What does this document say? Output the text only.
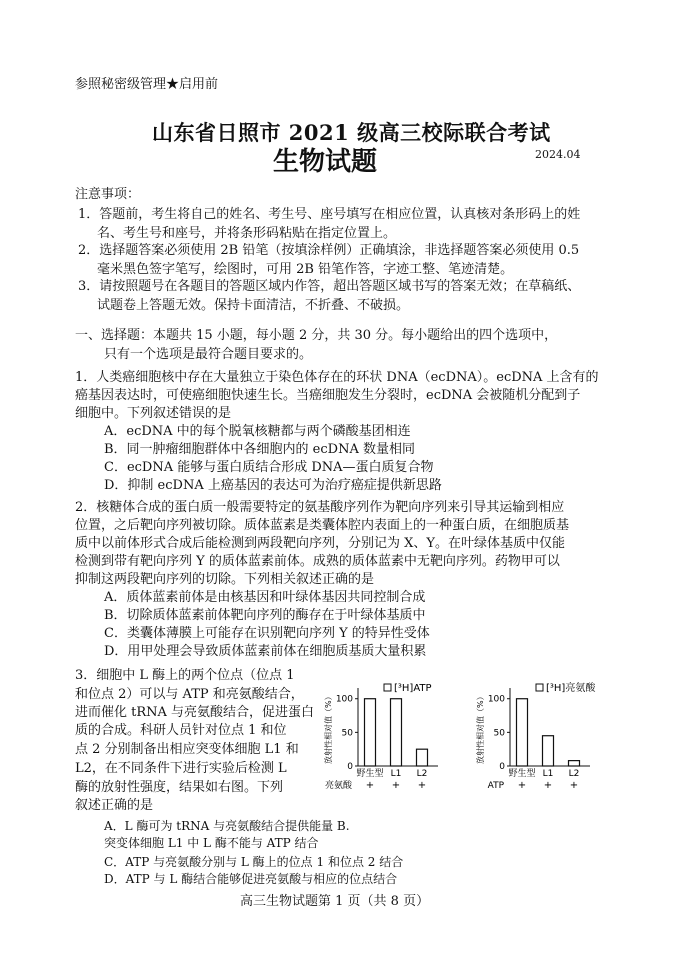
参照秘密级管理★启用前
山东省日照市 2021 级高三校际联合考试
生物试题	2024.04
注意事项：
1．答题前，考生将自己的姓名、考生号、座号填写在相应位置，认真核对条形码上的姓
名、考生号和座号，并将条形码粘贴在指定位置上。
2．选择题答案必须使用 2B 铅笔（按填涂样例）正确填涂，非选择题答案必须使用 0.5
毫米黑色签字笔写，绘图时，可用 2B 铅笔作答，字迹工整、笔迹清楚。
3．请按照题号在各题目的答题区域内作答，超出答题区域书写的答案无效；在草稿纸、
试题卷上答题无效。保持卡面清洁，不折叠、不破损。
一、选择题：本题共 15 小题，每小题 2 分，共 30 分。每小题给出的四个选项中，
只有一个选项是最符合题目要求的。
1．人类癌细胞核中存在大量独立于染色体存在的环状 DNA（ecDNA）。ecDNA 上含有的
癌基因表达时，可使癌细胞快速生长。当癌细胞发生分裂时，ecDNA 会被随机分配到子
细胞中。下列叙述错误的是
A．ecDNA 中的每个脱氧核糖都与两个磷酸基团相连
B．同一肿瘤细胞群体中各细胞内的 ecDNA 数量相同
C．ecDNA 能够与蛋白质结合形成 DNA—蛋白质复合物
D．抑制 ecDNA 上癌基因的表达可为治疗癌症提供新思路
2．核糖体合成的蛋白质一般需要特定的氨基酸序列作为靶向序列来引导其运输到相应
位置，之后靶向序列被切除。质体蓝素是类囊体腔内表面上的一种蛋白质，在细胞质基
质中以前体形式合成后能检测到两段靶向序列，分别记为 X、Y。在叶绿体基质中仅能
检测到带有靶向序列 Y 的质体蓝素前体。成熟的质体蓝素中无靶向序列。药物甲可以
抑制这两段靶向序列的切除。下列相关叙述正确的是
A．质体蓝素前体是由核基因和叶绿体基因共同控制合成
B．切除质体蓝素前体靶向序列的酶存在于叶绿体基质中
C．类囊体薄膜上可能存在识别靶向序列 Y 的特异性受体
D．用甲处理会导致质体蓝素前体在细胞质基质大量积累
3．细胞中 L 酶上的两个位点（位点 1
和位点 2）可以与 ATP 和亮氨酸结合，
进而催化 tRNA 与亮氨酸结合，促进蛋白
质的合成。科研人员针对位点 1 和位
点 2 分别制备出相应突变体细胞 L1 和
L2，在不同条件下进行实验后检测 L
酶的放射性强度，结果如右图。下列
叙述正确的是
放射性相对值（%） 100
50
0
[³H]ATP
野生型
+
L1
+
L2
+
亮氨酸
放射性相对值（%） 100
50
0
[³H]亮氨酸
野生型
+
L1
+
L2
+
ATP
A．L 酶可为 tRNA 与亮氨酸结合提供能量 B.
突变体细胞 L1 中 L 酶不能与 ATP 结合
C．ATP 与亮氨酸分别与 L 酶上的位点 1 和位点 2 结合
D．ATP 与 L 酶结合能够促进亮氨酸与相应的位点结合
高三生物试题第 1 页（共 8 页）
